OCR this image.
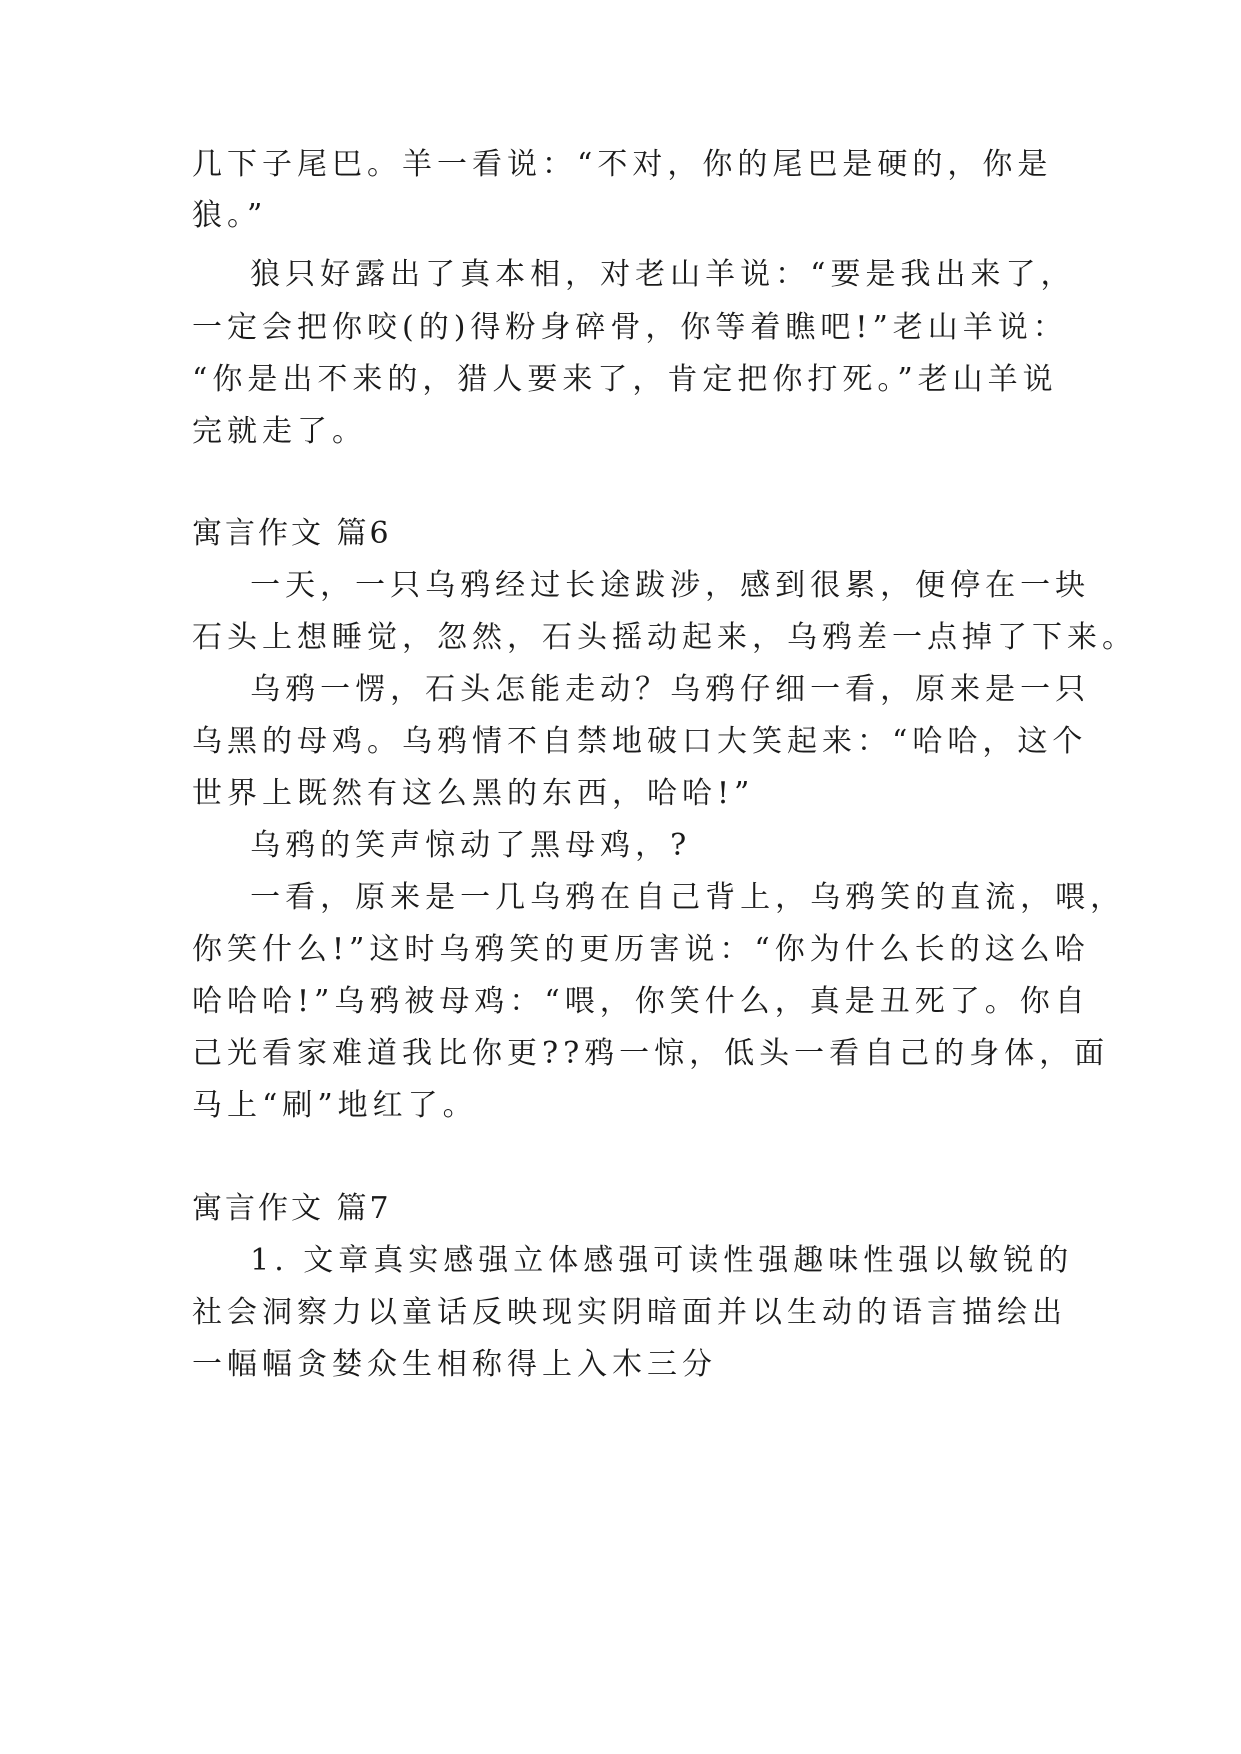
几下子尾巴。羊一看说：“不对，你的尾巴是硬的，你是
狼。”
狼只好露出了真本相，对老山羊说：“要是我出来了，
一定会把你咬(的)得粉身碎骨，你等着瞧吧!”老山羊说：
“你是出不来的，猎人要来了，肯定把你打死。”老山羊说
完就走了。
寓言作文 篇6
一天，一只乌鸦经过长途跋涉，感到很累，便停在一块
石头上想睡觉，忽然，石头摇动起来，乌鸦差一点掉了下来。
乌鸦一愣，石头怎能走动？乌鸦仔细一看，原来是一只
乌黑的母鸡。乌鸦情不自禁地破口大笑起来：“哈哈，这个
世界上既然有这么黑的东西，哈哈!”
乌鸦的笑声惊动了黑母鸡，?
一看，原来是一几乌鸦在自己背上，乌鸦笑的直流，喂，
你笑什么!”这时乌鸦笑的更历害说：“你为什么长的这么哈
哈哈哈!”乌鸦被母鸡：“喂，你笑什么，真是丑死了。你自
己光看家难道我比你更??鸦一惊，低头一看自己的身体，面
马上“刷”地红了。
寓言作文 篇7
1. 文章真实感强立体感强可读性强趣味性强以敏锐的
社会洞察力以童话反映现实阴暗面并以生动的语言描绘出
一幅幅贪婪众生相称得上入木三分
